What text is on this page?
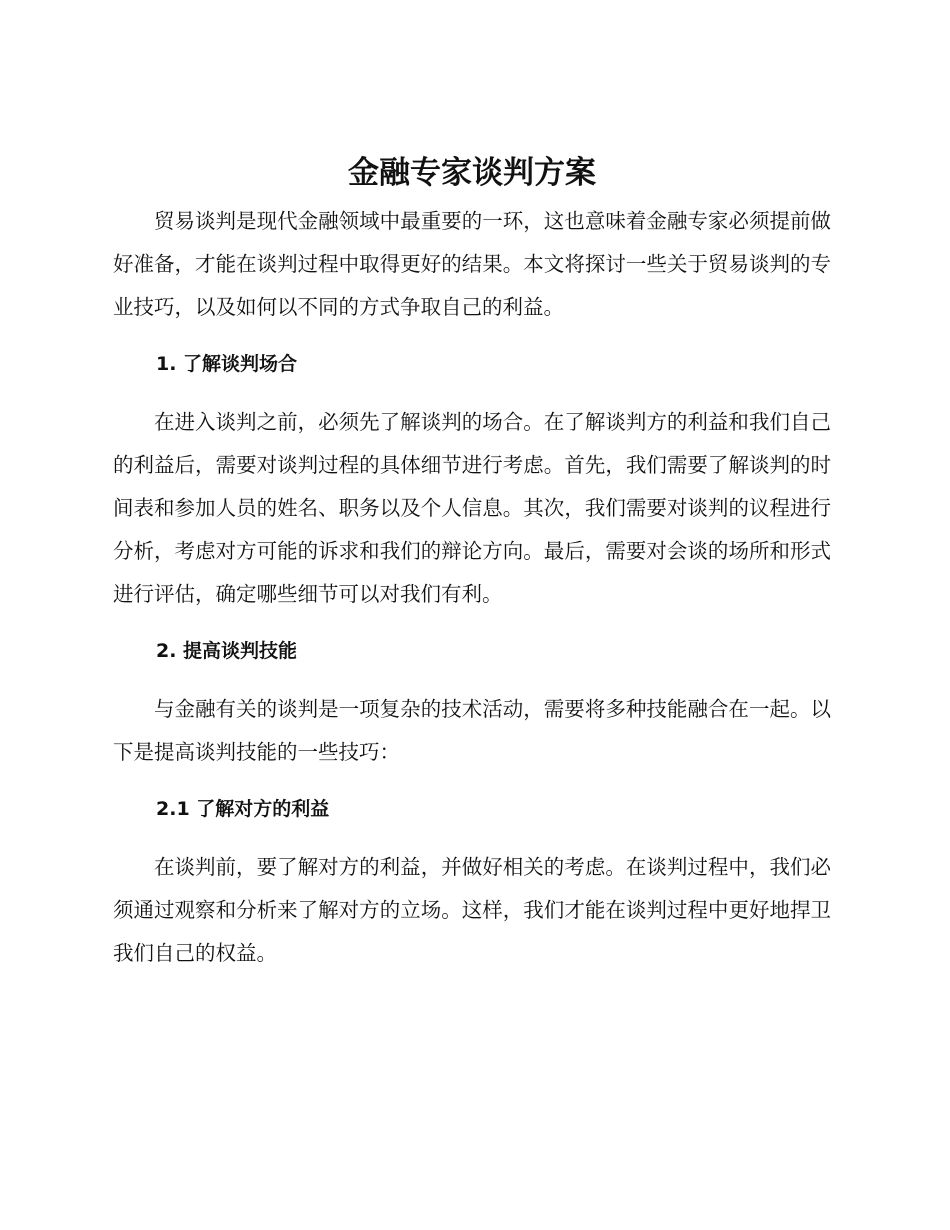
金融专家谈判方案

贸易谈判是现代金融领域中最重要的一环，这也意味着金融专家必须提前做好准备，才能在谈判过程中取得更好的结果。本文将探讨一些关于贸易谈判的专业技巧，以及如何以不同的方式争取自己的利益。

1. 了解谈判场合

在进入谈判之前，必须先了解谈判的场合。在了解谈判方的利益和我们自己的利益后，需要对谈判过程的具体细节进行考虑。首先，我们需要了解谈判的时间表和参加人员的姓名、职务以及个人信息。其次，我们需要对谈判的议程进行分析，考虑对方可能的诉求和我们的辩论方向。最后，需要对会谈的场所和形式进行评估，确定哪些细节可以对我们有利。

2. 提高谈判技能

与金融有关的谈判是一项复杂的技术活动，需要将多种技能融合在一起。以下是提高谈判技能的一些技巧：

2.1 了解对方的利益

在谈判前，要了解对方的利益，并做好相关的考虑。在谈判过程中，我们必须通过观察和分析来了解对方的立场。这样，我们才能在谈判过程中更好地捍卫我们自己的权益。
